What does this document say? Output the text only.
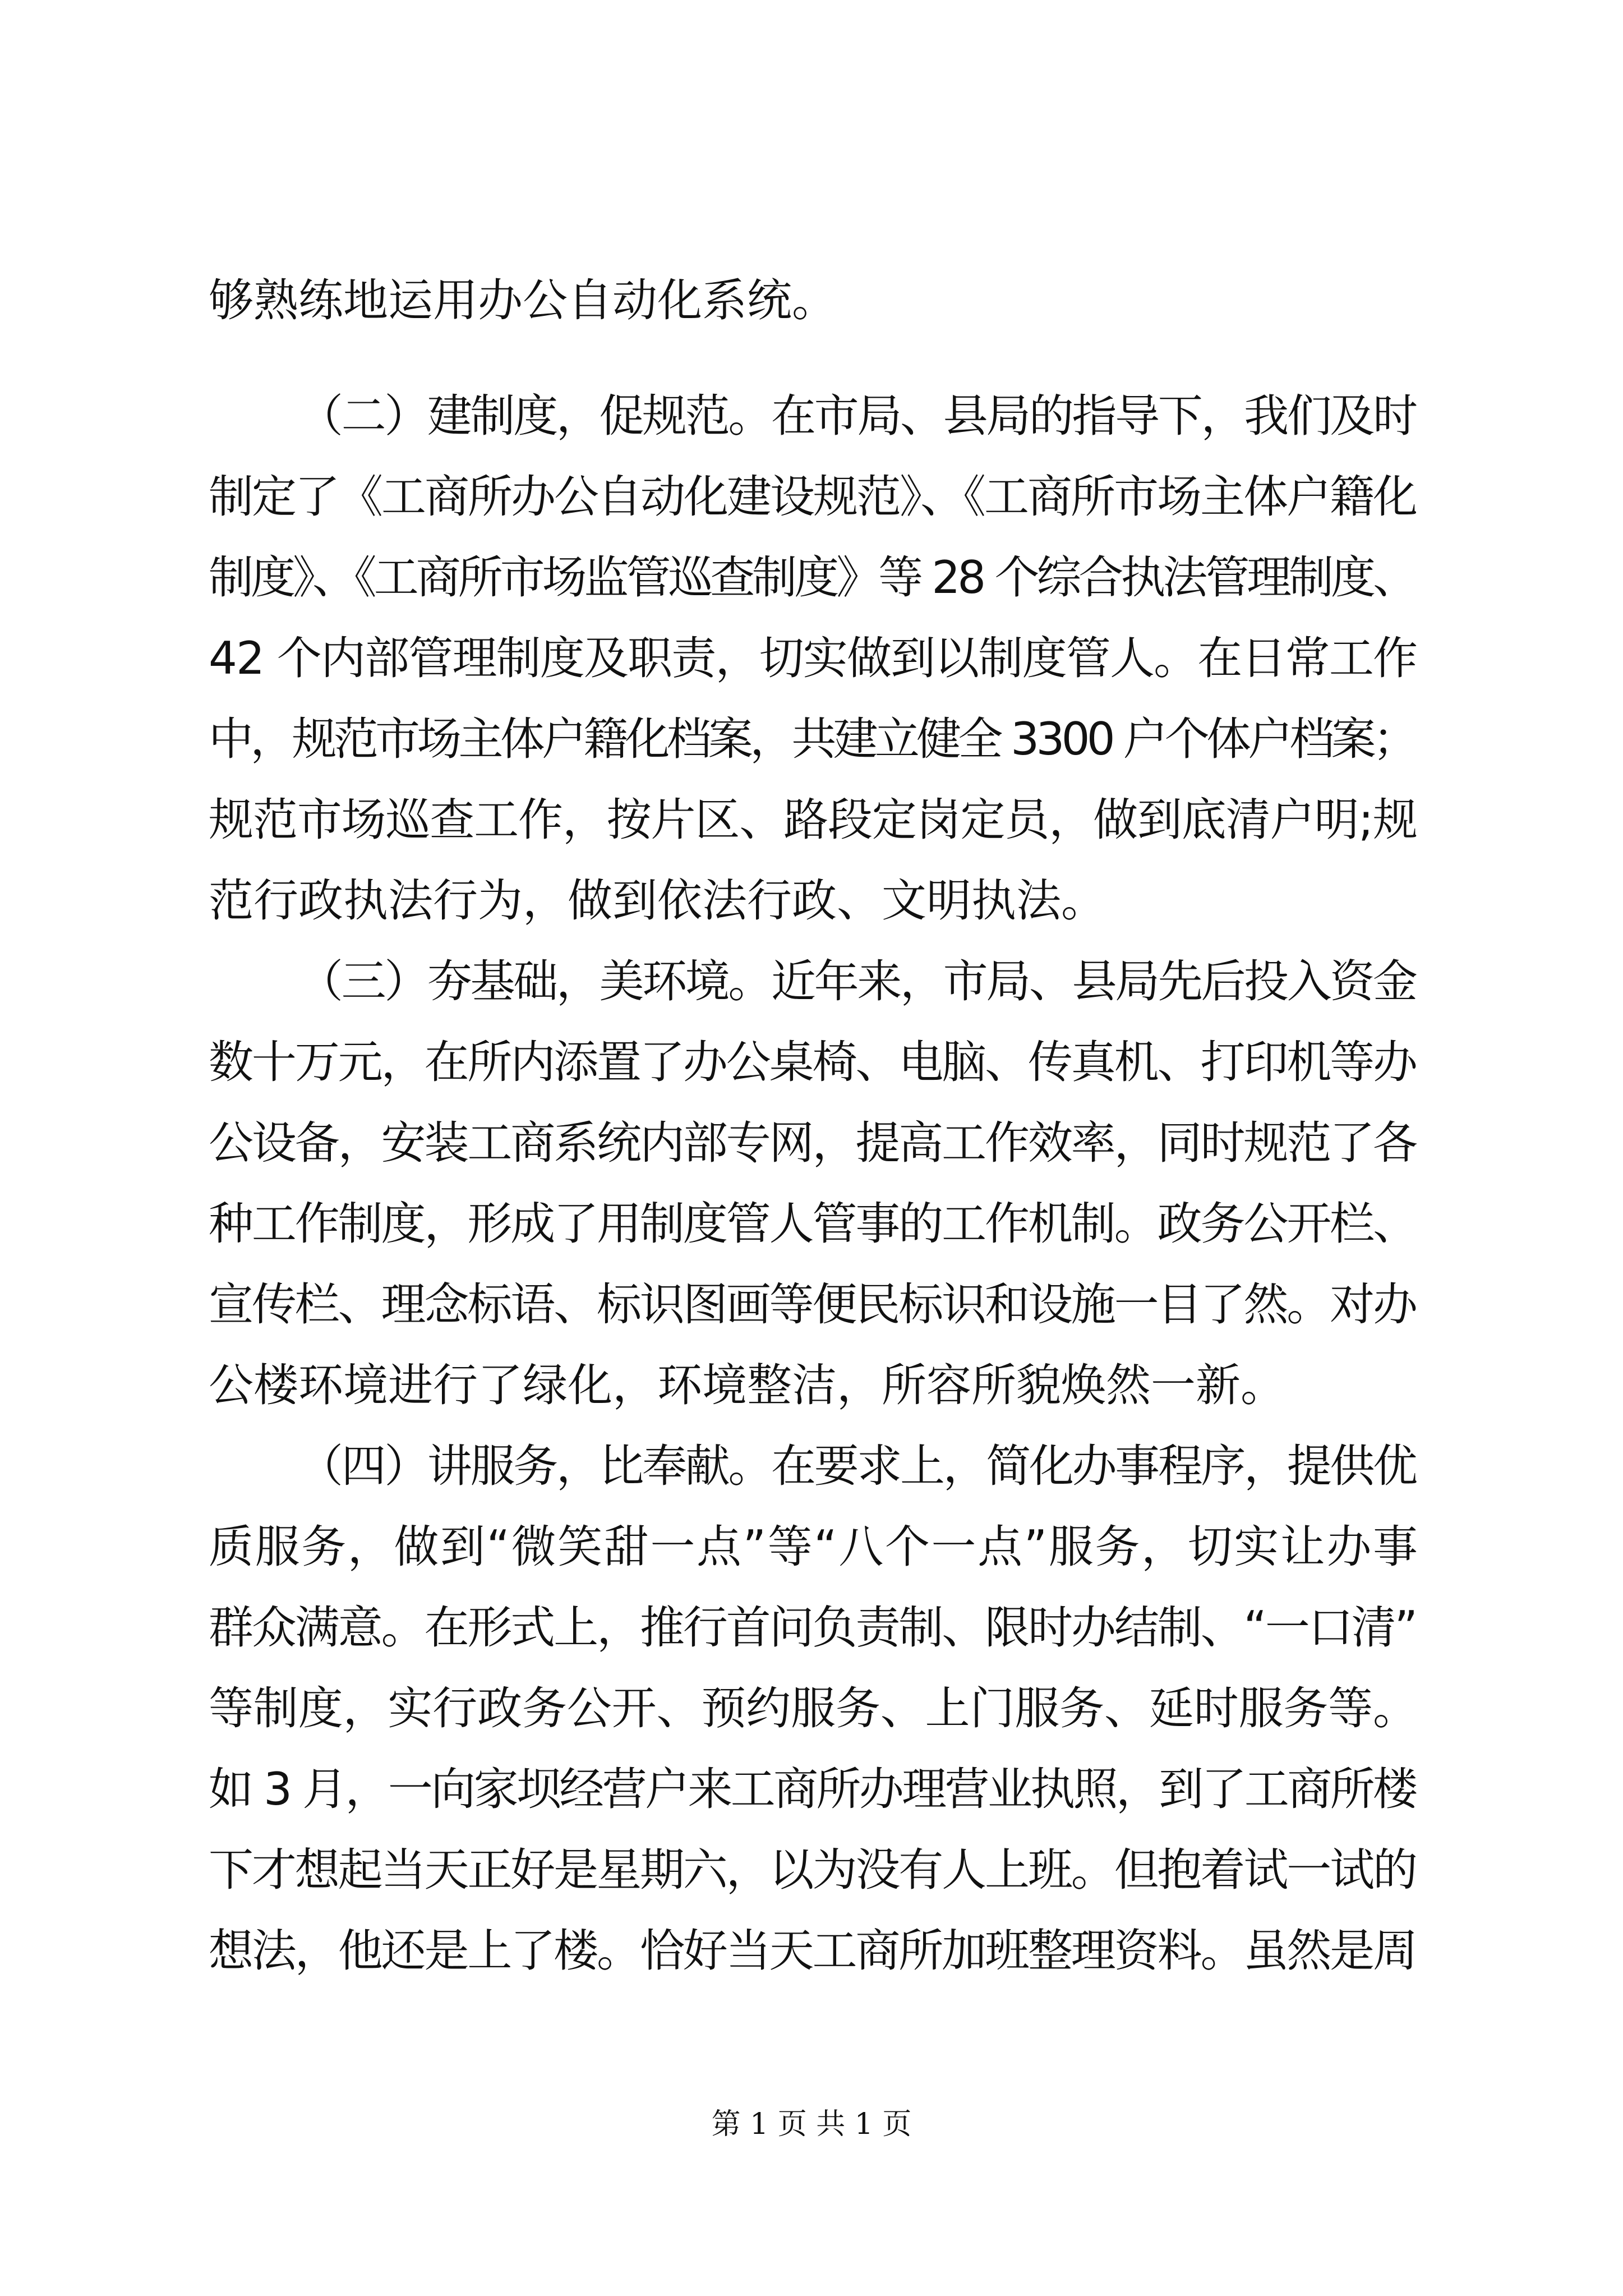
够熟练地运用办公自动化系统。
（二）建制度，促规范。在市局、县局的指导下，我们及时
制定了《工商所办公自动化建设规范》、《工商所市场主体户籍化
制度》、《工商所市场监管巡查制度》等 28 个综合执法管理制度、
42 个内部管理制度及职责，切实做到以制度管人。在日常工作
中，规范市场主体户籍化档案，共建立健全 3300 户个体户档案；
规范市场巡查工作，按片区、路段定岗定员，做到底清户明;规
范行政执法行为，做到依法行政、文明执法。
（三）夯基础，美环境。近年来，市局、县局先后投入资金
数十万元，在所内添置了办公桌椅、电脑、传真机、打印机等办
公设备，安装工商系统内部专网，提高工作效率，同时规范了各
种工作制度，形成了用制度管人管事的工作机制。政务公开栏、
宣传栏、理念标语、标识图画等便民标识和设施一目了然。对办
公楼环境进行了绿化，环境整洁，所容所貌焕然一新。
（四）讲服务，比奉献。在要求上，简化办事程序，提供优
质服务，做到“微笑甜一点”等“八个一点”服务，切实让办事
群众满意。在形式上，推行首问负责制、限时办结制、“一口清”
等制度，实行政务公开、预约服务、上门服务、延时服务等。
如 3 月，一向家坝经营户来工商所办理营业执照，到了工商所楼
下才想起当天正好是星期六，以为没有人上班。但抱着试一试的
想法，他还是上了楼。恰好当天工商所加班整理资料。虽然是周
第 1 页 共 1 页
